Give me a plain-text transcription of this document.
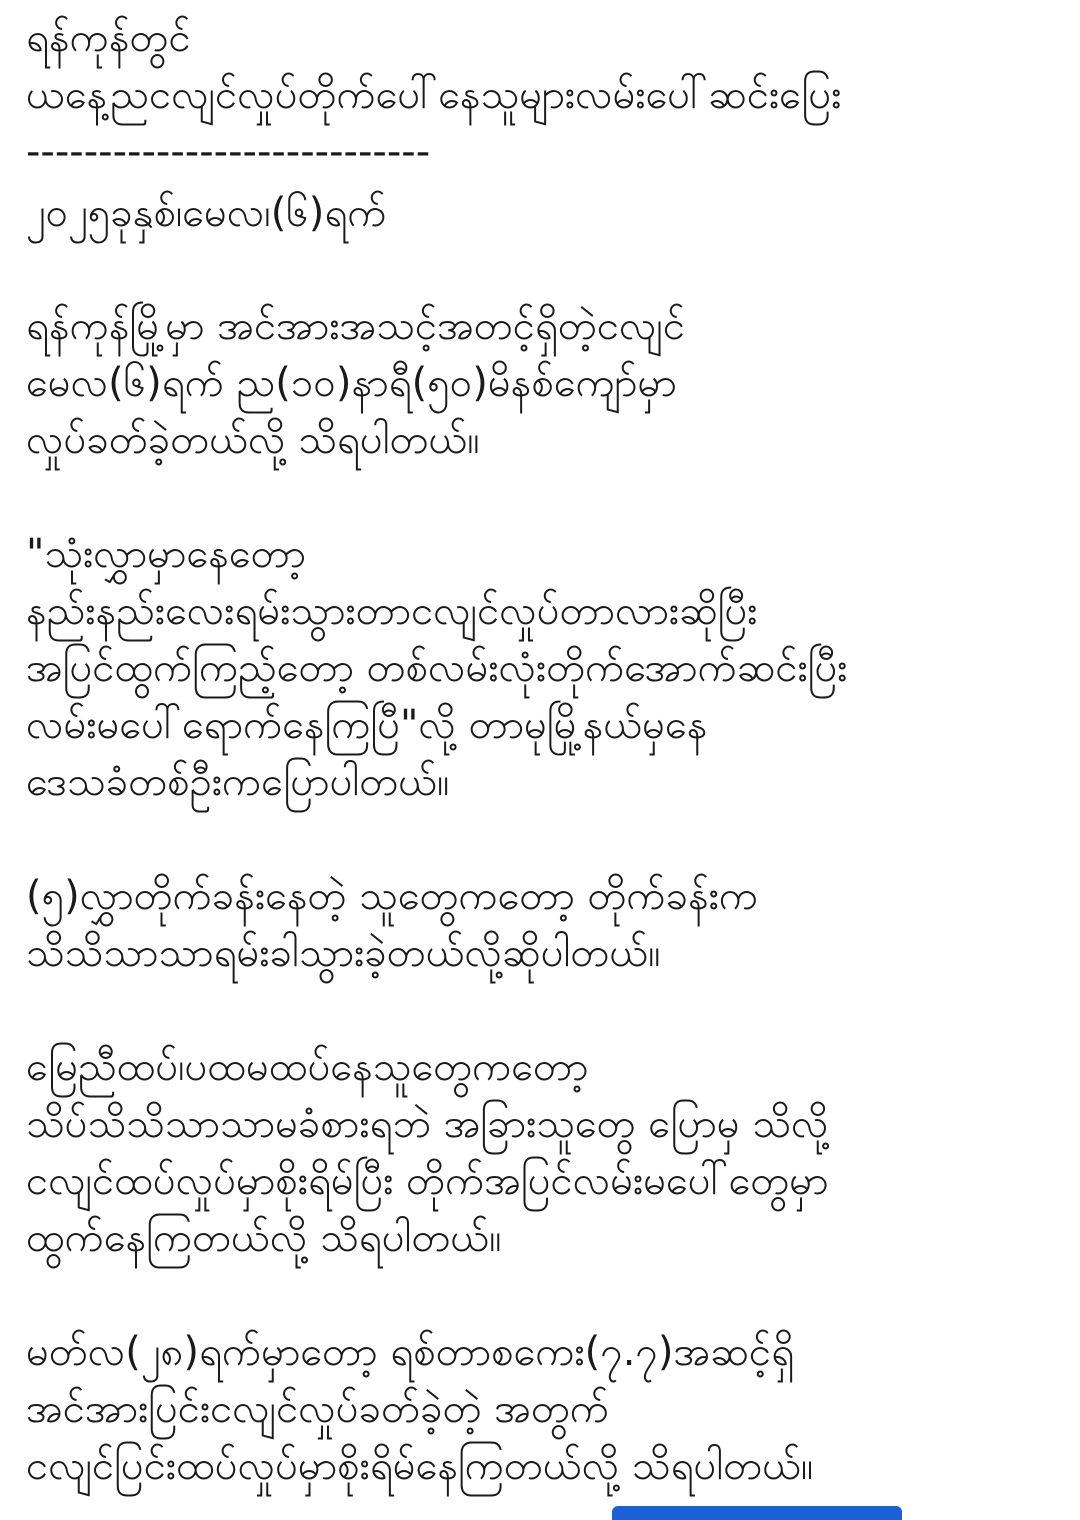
ရန်ကုန်တွင်

ယနေ့ညငလျင်လှုပ်တိုက်ပေါ်နေသူများလမ်းပေါ်ဆင်းပြေး

----------------------------

၂၀၂၅ခုနှစ်၊မေလ၊(၆)ရက်

ရန်ကုန်မြို့မှာ အင်အားအသင့်အတင့်ရှိတဲ့ငလျင်

မေလ(၆)ရက် ည(၁၀)နာရီ(၅၀)မိနစ်ကျော်မှာ

လှုပ်ခတ်ခဲ့တယ်လို့ သိရပါတယ်။

"သုံးလွှာမှာနေတော့

နည်းနည်းလေးရမ်းသွားတာငလျင်လှုပ်တာလားဆိုပြီး

အပြင်ထွက်ကြည့်တော့ တစ်လမ်းလုံးတိုက်အောက်ဆင်းပြီး

လမ်းမပေါ်ရောက်နေကြပြီ"လို့ တာမုမြို့နယ်မှနေ

ဒေသခံတစ်ဦးကပြောပါတယ်။

(၅)လွှာတိုက်ခန်းနေတဲ့ သူတွေကတော့ တိုက်ခန်းက

သိသိသာသာရမ်းခါသွားခဲ့တယ်လို့ဆိုပါတယ်။

မြေညီထပ်၊ပထမထပ်နေသူတွေကတော့

သိပ်သိသိသာသာမခံစားရဘဲ အခြားသူတွေ ပြောမှ သိလို့

ငလျင်ထပ်လှုပ်မှာစိုးရိမ်ပြီး တိုက်အပြင်လမ်းမပေါ်တွေမှာ

ထွက်နေကြတယ်လို့ သိရပါတယ်။

မတ်လ(၂၈)ရက်မှာတော့ ရစ်တာစကေး(၇.၇)အဆင့်ရှိ

အင်အားပြင်းငလျင်လှုပ်ခတ်ခဲ့တဲ့ အတွက်

ငလျင်ပြင်းထပ်လှုပ်မှာစိုးရိမ်နေကြတယ်လို့ သိရပါတယ်။
